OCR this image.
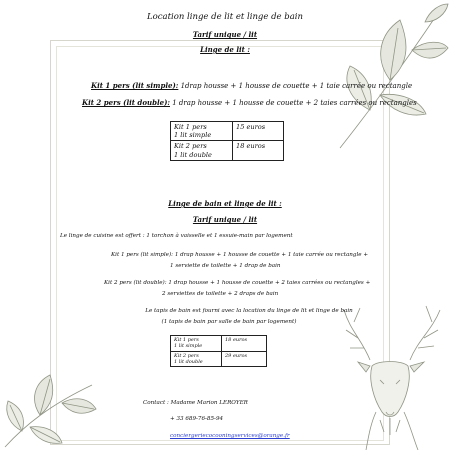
Location linge de lit et linge de bain
Tarif unique / lit
Linge de lit :
Kit 1 pers (lit simple): 1drap housse + 1 housse de couette + 1 taie carrée ou rectangle
Kit 2 pers (lit double): 1 drap housse + 1 housse de couette + 2 taies carrées ou rectangles
Kit 1 pers
1 lit simple	15 euros

Kit 2 pers
1 lit double	18 euros
Linge de bain et linge de lit :
Tarif unique / lit
Le linge de cuisine est offert : 1 torchon à vaisselle et 1 essuie-main par logement
Kit 1 pers (lit simple): 1 drap housse + 1 housse de couette + 1 taie carrée ou rectangle +
1 serviette de toilette + 1 drap de bain
Kit 2 pers (lit double): 1 drap housse + 1 housse de couette + 2 taies carrées ou rectangles +
2 serviettes de toilette + 2 draps de bain
Le tapis de bain est fourni avec la location du linge de lit et linge de bain
(1 tapis de bain par salle de bain par logement)
Kit 1 pers
1 lit simple	18 euros

Kit 2 pers
1 lit double	29 euros
Contact : Madame Marion LEROYER
+ 33 689-76-85-94
conciergeriecocooningservices@orange.fr
